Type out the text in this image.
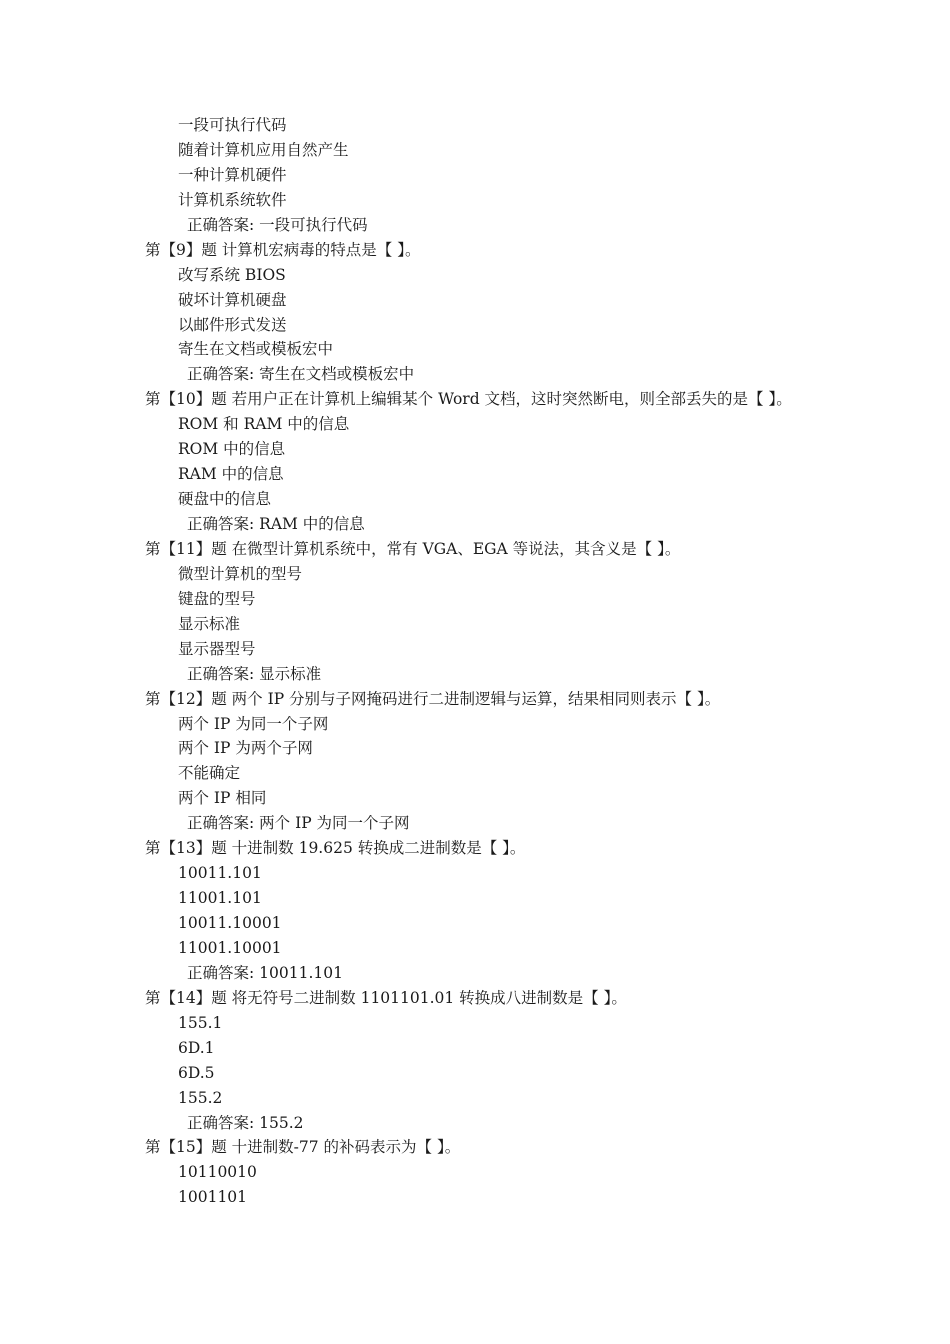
一段可执行代码
随着计算机应用自然产生
一种计算机硬件
计算机系统软件
正确答案: 一段可执行代码
第【9】题 计算机宏病毒的特点是【 】。
改写系统 BIOS
破坏计算机硬盘
以邮件形式发送
寄生在文档或模板宏中
正确答案: 寄生在文档或模板宏中
第【10】题 若用户正在计算机上编辑某个 Word 文档，这时突然断电，则全部丢失的是【 】。
ROM 和 RAM 中的信息
ROM 中的信息
RAM 中的信息
硬盘中的信息
正确答案: RAM 中的信息
第【11】题 在微型计算机系统中，常有 VGA、EGA 等说法，其含义是【 】。
微型计算机的型号
键盘的型号
显示标准
显示器型号
正确答案: 显示标准
第【12】题 两个 IP 分别与子网掩码进行二进制逻辑与运算，结果相同则表示【 】。
两个 IP 为同一个子网
两个 IP 为两个子网
不能确定
两个 IP 相同
正确答案: 两个 IP 为同一个子网
第【13】题 十进制数 19.625 转换成二进制数是【 】。
10011.101
11001.101
10011.10001
11001.10001
正确答案: 10011.101
第【14】题 将无符号二进制数 1101101.01 转换成八进制数是【 】。
155.1
6D.1
6D.5
155.2
正确答案: 155.2
第【15】题 十进制数-77 的补码表示为【 】。
10110010
1001101
